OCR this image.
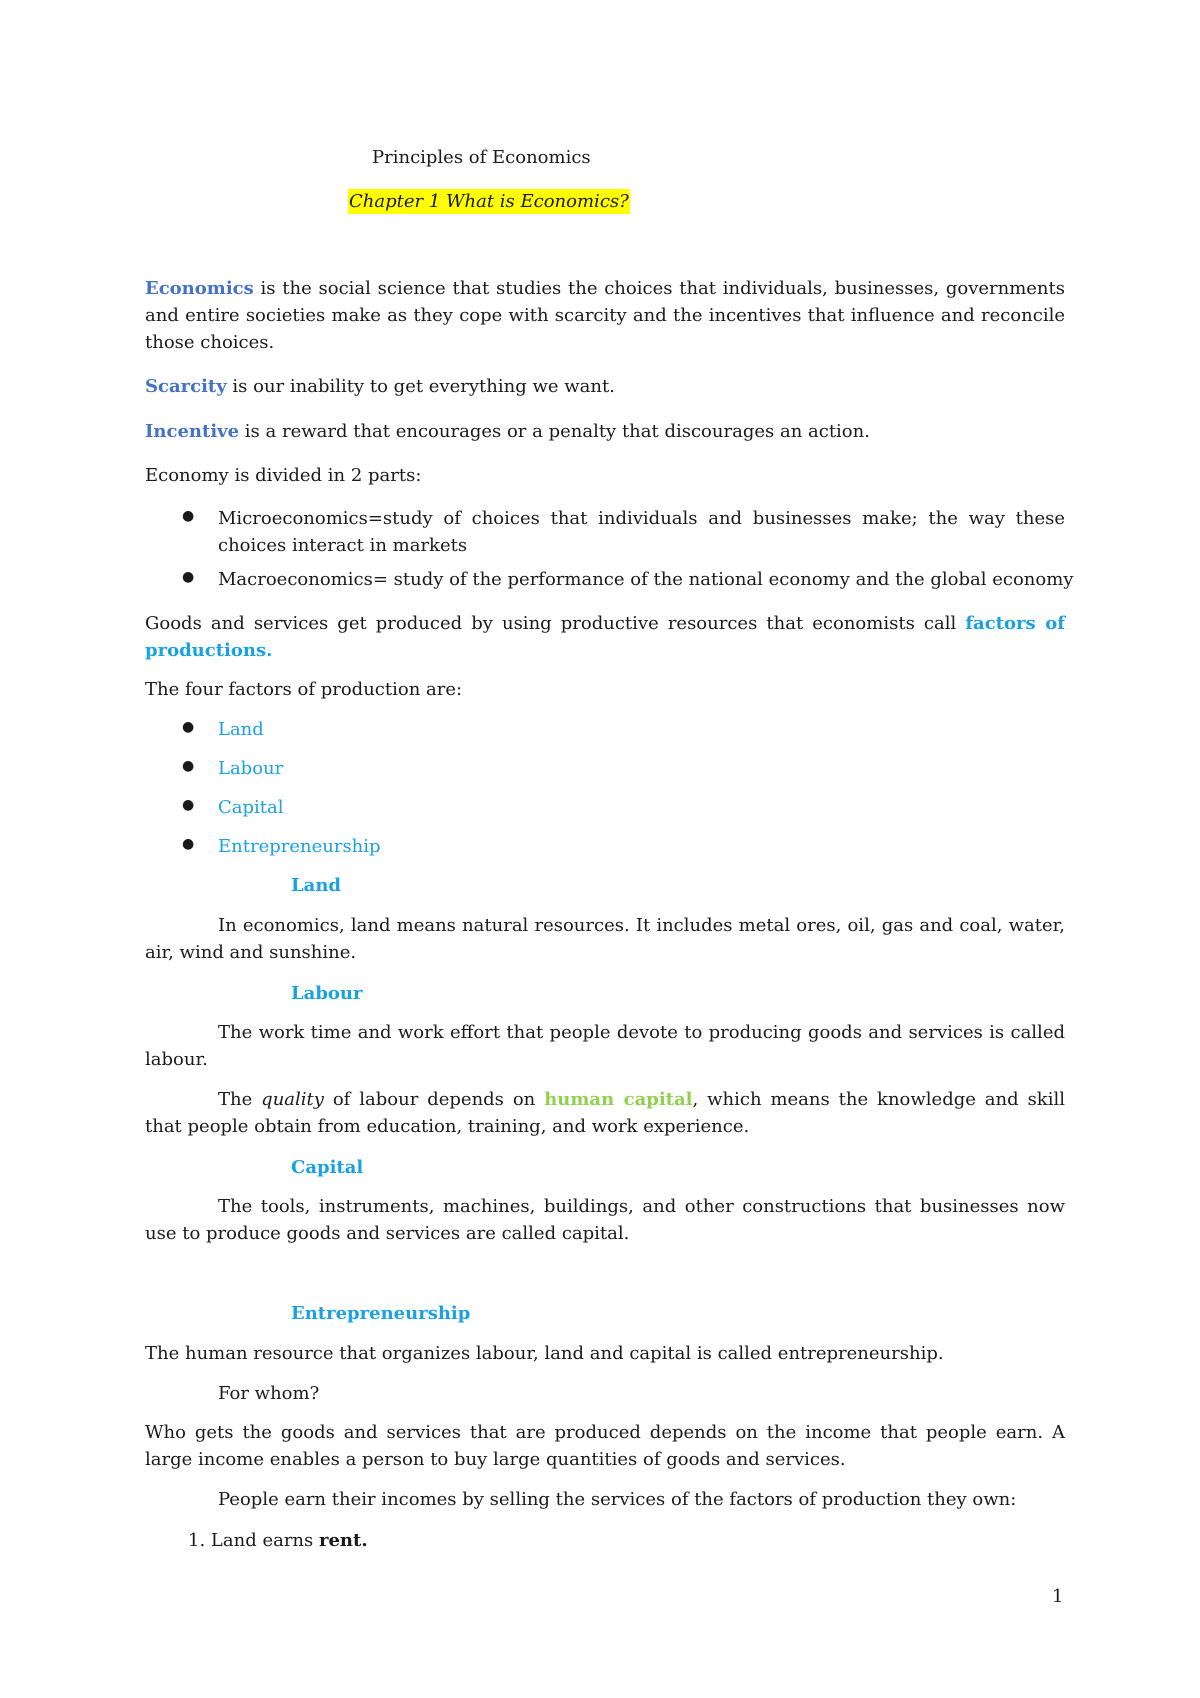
Principles of Economics
Chapter 1 What is Economics?

Economics is the social science that studies the choices that individuals, businesses, governments and entire societies make as they cope with scarcity and the incentives that influence and reconcile those choices.

Scarcity is our inability to get everything we want.

Incentive is a reward that encourages or a penalty that discourages an action.

Economy is divided in 2 parts:

● Microeconomics=study of choices that individuals and businesses make; the way these choices interact in markets

● Macroeconomics= study of the performance of the national economy and the global economy

Goods and services get produced by using productive resources that economists call factors of

productions.

The four factors of production are:

● Land

● Labour

● Capital

● Entrepreneurship

Land

In economics, land means natural resources. It includes metal ores, oil, gas and coal, water, air, wind and sunshine.

Labour

The work time and work effort that people devote to producing goods and services is called labour.

The quality of labour depends on human capital, which means the knowledge and skill that people obtain from education, training, and work experience.

Capital

The tools, instruments, machines, buildings, and other constructions that businesses now use to produce goods and services are called capital.

Entrepreneurship

The human resource that organizes labour, land and capital is called entrepreneurship.

For whom?

Who gets the goods and services that are produced depends on the income that people earn. A large income enables a person to buy large quantities of goods and services.

People earn their incomes by selling the services of the factors of production they own:

1. Land earns rent.

1
